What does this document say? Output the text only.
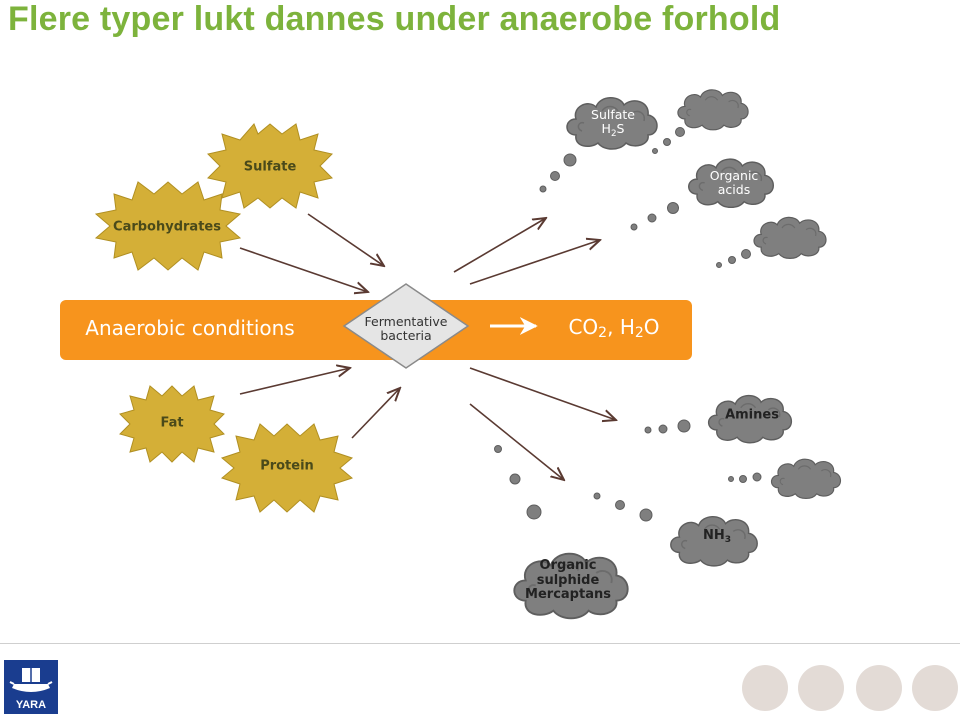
Flere typer lukt dannes under anaerobe forhold
Sulfate
Carbohydrates
Fat
Protein
Anaerobic conditions	Fermentative bacteria	$CO_2$, $H_2O$
Sulfate
$H_2S$
Organic
acids
Amines
$NH_3$
Organic
sulphide
Mercaptans
YARA
